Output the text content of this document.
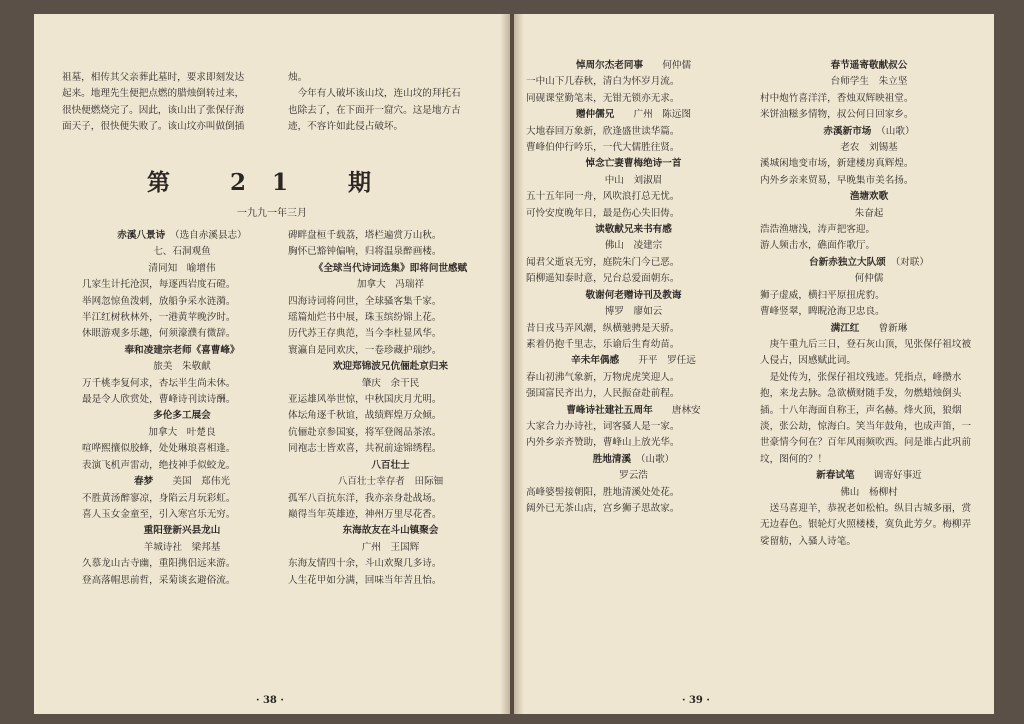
祖墓，相传其父亲葬此墓时，要求即刻发达

起来。地理先生便把点燃的腊烛倒转过来，

很快便燃烧完了。因此，该山出了张保仔海

面天子，很快便失败了。该山坟亦叫做倒插

烛。

　今年有人破坏该山坟，连山坟的拜托石

也除去了，在下面开一窟穴。这是地方古

迹，不容许如此侵占破坏。

第 21 期
一九九一年三月

赤溪八景诗　（选自赤溪县志）

七、石洞观鱼

清同知　喻增伟

几家生计托沧溟，每逐西岩度石磴。

举网忽惊鱼泼剌，放船争采水涟漪。

半江红树秋林外，一港黄苹晚汐时。

休眼游观多乐趣，何须濠濮有微辞。

奉和凌建宗老师《喜曹峰》

旅美　朱敬献

万千桃李复何求，杏坛半生尚未休。

最是令人欣赏处，曹峰诗刊读诗酬。

多伦多工展会

加拿大　叶楚良

喧哗熙攘似胶蜂，处处琳琅喜相逢。

表演飞机声雷动，绝技神手似蛟龙。

春梦　　美国　郑伟光

不胜黄汤醉寥凉，身陷云月玩彩虹。

喜人玉女金童至，引入寒宫乐无穷。

重阳登新兴县龙山

羊城诗社　梁邦基

久慕龙山古寺幽，重阳携侣远来游。

登高落帽思前哲，采菊谈玄避俗流。

碑畔盘桓千载荔，塔栏遍赏万山秋。

胸怀已豁钟偏响，归将温泉醉画楼。

《全球当代诗词选集》即将问世感赋

加拿大　冯瑞祥

四海诗词将问世，全球骚客集千家。

瑶篇灿烂书中展，珠玉缤纷锦上花。

历代苏王存典范，当今李杜显风华。

寰瀛自是同欢庆，一卷珍藏护瑞纱。

欢迎郑锦波兄伉俪赴京归来

肇庆　余干民

亚运雄风举世惊，中秋国庆月尤明。

体坛角逐千秋谊，战绩辉煌万众倾。

伉俪赴京参国宴，将军登阁品茶浓。

同袍志士皆欢喜，共祝前途锦绣程。

八百壮士

八百壮士幸存者　田际钿

孤军八百抗东洋，我亦亲身赴战场。

巅得当年英雄迹，神州万里尽花香。

东海故友在斗山镇聚会

广州　王国辉

东海友情四十余，斗山欢聚几多诗。

人生花甲如分满，回味当年苦且怡。

· 38 ·

悼周尔杰老同事　　何仲儒

一中山下几春秋，清白为怀岁月流。

同砚课堂勤笔耒，无钳无锁亦无求。

赠仲儒兄　　广州　陈远图

大地春回万象新，欣逢盛世读华篇。

曹峰伯仲行吟乐，一代大儒胜往贤。

悼念亡妻曹梅绝诗一首

中山　刘淑眉

五十五年同一舟，风吹浪打总无忧。

可怜安度晚年日，最是伤心失旧俦。

读敬献兄来书有感

佛山　凌建宗

闻君父逝哀无穷，庭院朱门今已恶。

陌柳遥知泰时意，兄台总爱面朝东。

敬谢何老赠诗刊及教诲

博罗　廖如云

昔日戎马弄风潮，纵横驰骋是天骄。

素着仍抱千里志，乐谕后生育幼苗。

辛未年偶感　　开平　罗任远

春山初沸气象新，万物虎虎笑迎人。

强国富民齐出力，人民振奋赴前程。

曹峰诗社建社五周年　　唐林安

大家合力办诗社，词客骚人是一家。

内外乡亲齐赞助，曹峰山上放光华。

胜地清溪　（山歌）

罗云浩

高峰婆髻接朝阳，胜地清溪处处花。

阔外已无茶山店，宫乡狮子思故家。

春节遥寄敬献叔公

台师学生　朱立坚

村中炮竹喜洋洋，香烛双辉映祖堂。

米饼油糍多情物，叔公何日回家乡。

赤溪新市场　（山歌）

老农　刘锡基

溪城闲地变市场，新建楼房真辉煌。

内外乡亲来贸易，早晚集市美名扬。

渔塘欢歌

朱奋起

浩浩渔塘浅，涛声把客迎。

游人频击水，礁面作歌厅。

台新赤独立大队颂　（对联）

何仲儒

狮子虚威，横扫平原扭虎豹。

曹峰竖翠，睥睨沧海卫忠良。

满江红　　曾新琳

　庚午重九后三日，登石灰山顶，见张保仔祖坟被人侵占，因感赋此词。

　是处传为，张保仔祖坟残迹。凭指点，峰攒水抱，来龙去脉。急欲横财随手发，勿燃蜡烛倒头插。十八年海面自称王，声名赫。烽火顶，狼烟淡，张公劫，惊海白。笑当年鼓角，也成声笛，一世豪情今何在？百年风雨频吹西。问是谁占此巩前坟，图何的？！

新春试笔　　调寄好事近

佛山　杨柳村

　送马喜迎羊，恭祝老如松柏。纵目古城多丽，赏无边春色。银轮灯火照楼楼，寞负此芳夕。梅柳弄娑留舫，入骚人诗笔。

· 39 ·
